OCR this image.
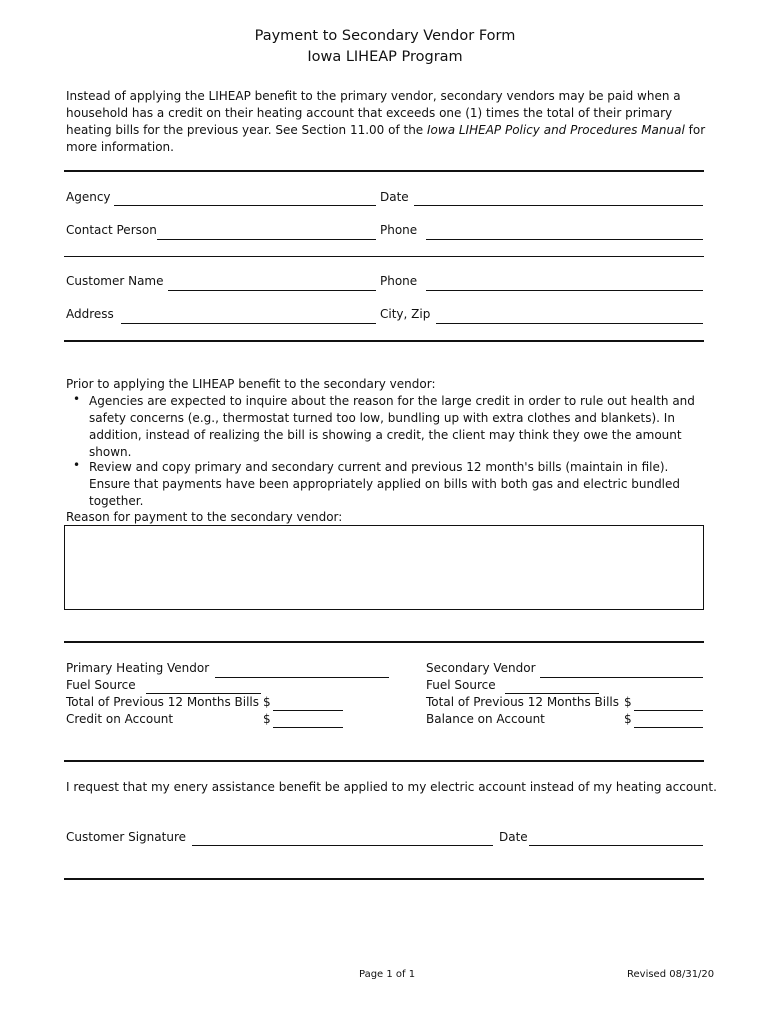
Payment to Secondary Vendor Form
Iowa LIHEAP Program
Instead of applying the LIHEAP benefit to the primary vendor, secondary vendors may be paid when a household has a credit on their heating account that exceeds one (1) times the total of their primary heating bills for the previous year. See Section 11.00 of the Iowa LIHEAP Policy and Procedures Manual for more information.
Agency	Date
Contact Person	Phone
Customer Name	Phone
Address	City, Zip
Prior to applying the LIHEAP benefit to the secondary vendor:
• Agencies are expected to inquire about the reason for the large credit in order to rule out health and safety concerns (e.g., thermostat turned too low, bundling up with extra clothes and blankets). In addition, instead of realizing the bill is showing a credit, the client may think they owe the amount shown.
• Review and copy primary and secondary current and previous 12 month's bills (maintain in file). Ensure that payments have been appropriately applied on bills with both gas and electric bundled together.
Reason for payment to the secondary vendor:
Primary Heating Vendor
Fuel Source
Total of Previous 12 Months Bills $
Credit on Account	$
Secondary Vendor
Fuel Source
Total of Previous 12 Months Bills $
Balance on Account	$
I request that my enery assistance benefit be applied to my electric account instead of my heating account.
Customer Signature	Date
Page 1 of 1	Revised 08/31/20
